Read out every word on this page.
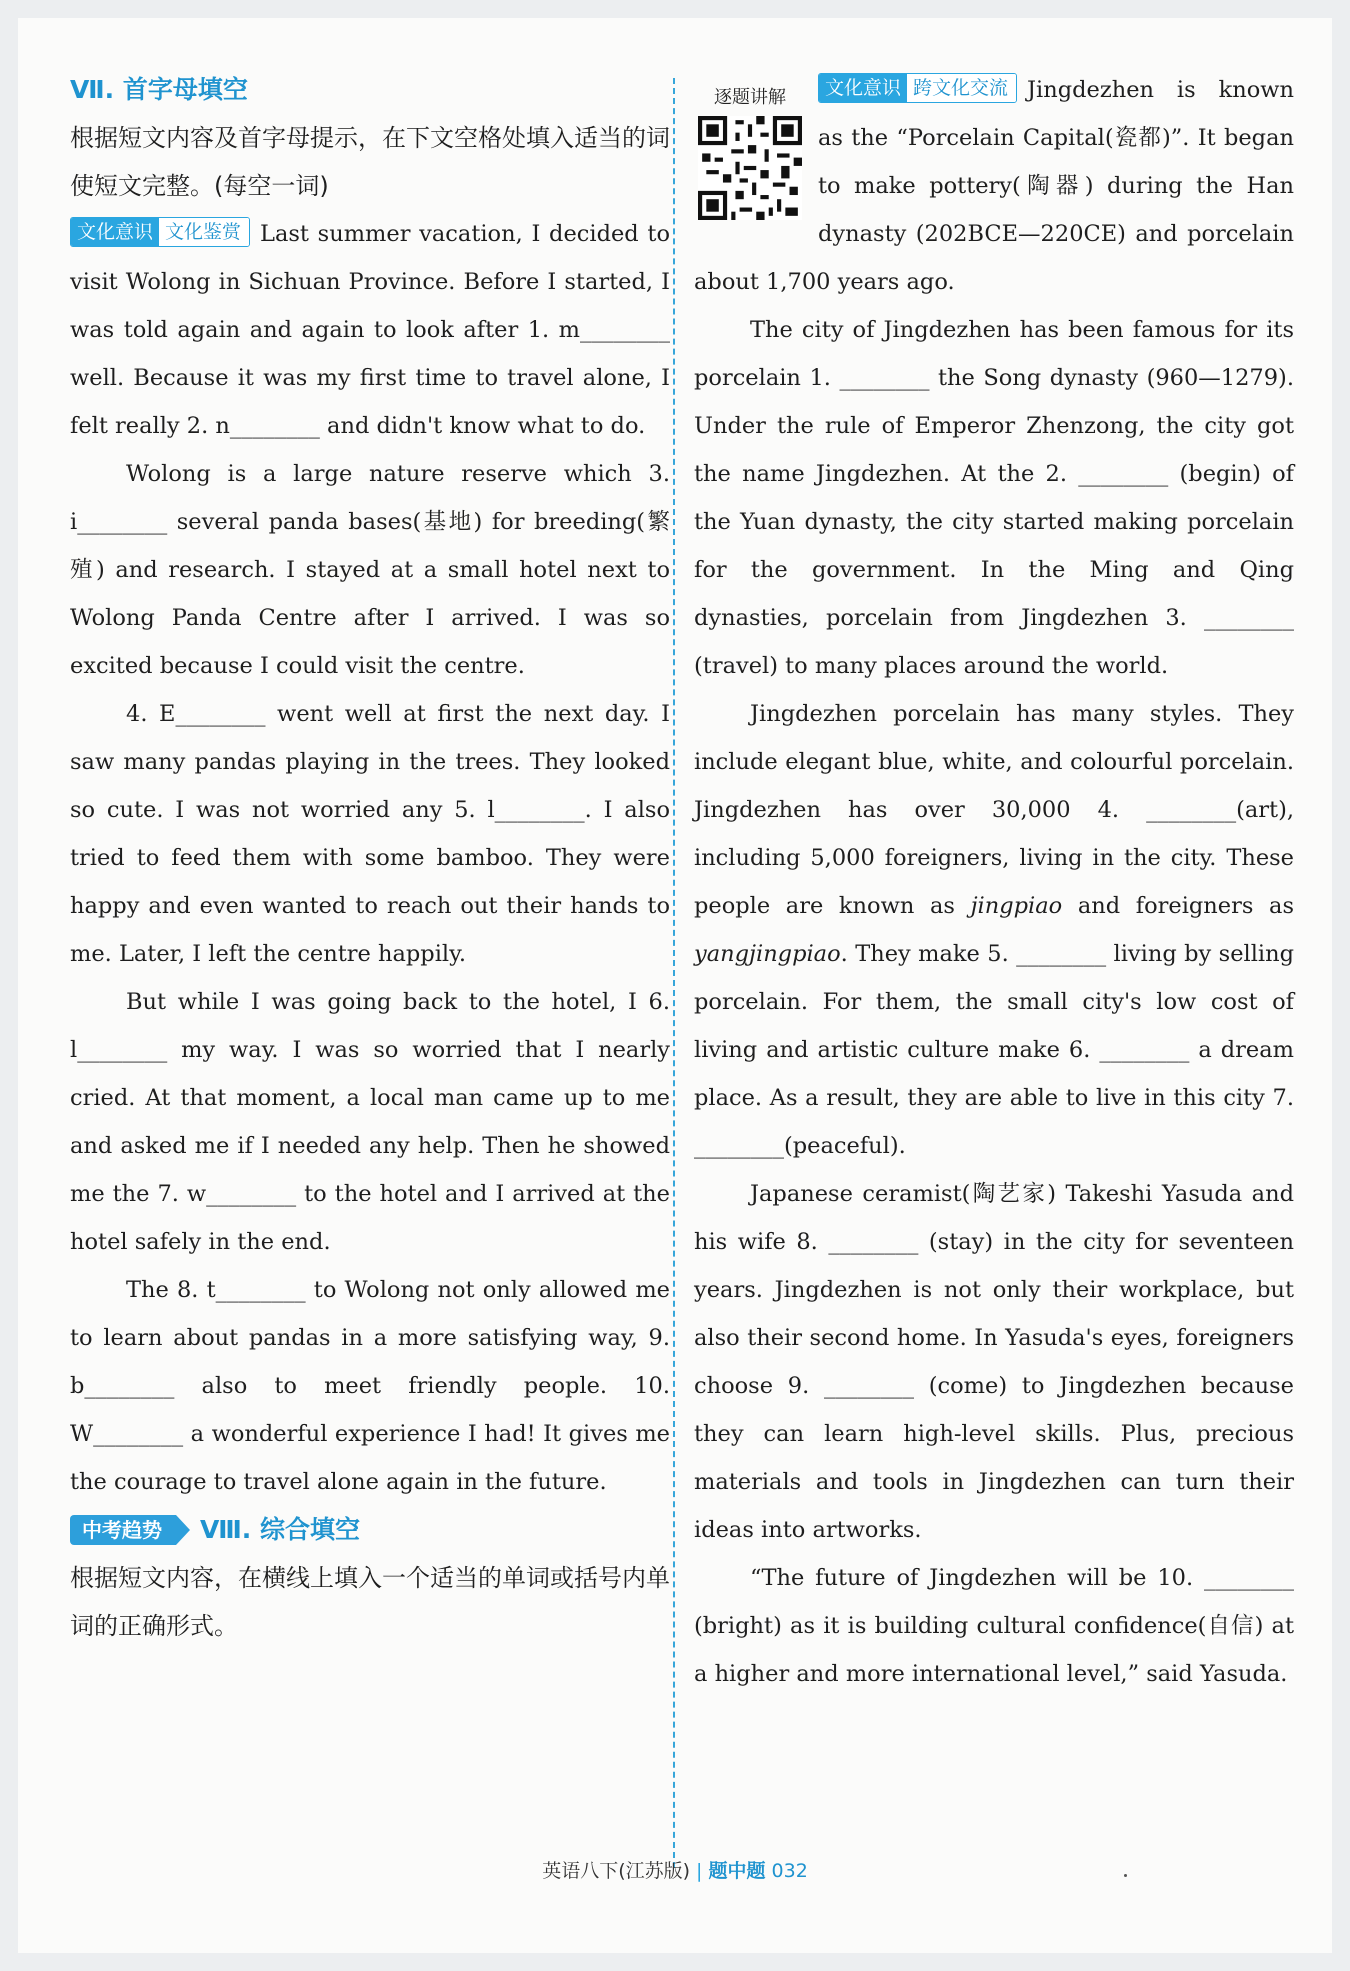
Ⅶ. 首字母填空

根据短文内容及首字母提示，在下文空格处填入适当的词使短文完整。(每空一词)

文化意识 文化鉴赏 Last summer vacation, I decided to visit Wolong in Sichuan Province. Before I started, I was told again and again to look after 1. m________ well. Because it was my first time to travel alone, I felt really 2. n________ and didn't know what to do.

Wolong is a large nature reserve which 3. i________ several panda bases(基地) for breeding(繁殖) and research. I stayed at a small hotel next to Wolong Panda Centre after I arrived. I was so excited because I could visit the centre.

4. E________ went well at first the next day. I saw many pandas playing in the trees. They looked so cute. I was not worried any 5. l________. I also tried to feed them with some bamboo. They were happy and even wanted to reach out their hands to me. Later, I left the centre happily.

But while I was going back to the hotel, I 6. l________ my way. I was so worried that I nearly cried. At that moment, a local man came up to me and asked me if I needed any help. Then he showed me the 7. w________ to the hotel and I arrived at the hotel safely in the end.

The 8. t________ to Wolong not only allowed me to learn about pandas in a more satisfying way, 9. b________ also to meet friendly people. 10. W________ a wonderful experience I had! It gives me the courage to travel alone again in the future.

中考趋势	Ⅷ. 综合填空

根据短文内容，在横线上填入一个适当的单词或括号内单词的正确形式。

文化意识 跨文化交流
逐题讲解	Jingdezhen is known as the “Porcelain Capital(瓷都)”. It began to make pottery(陶器) during the Han dynasty (202BCE—220CE) and porcelain about 1,700 years ago.

The city of Jingdezhen has been famous for its porcelain 1. ________ the Song dynasty (960—1279). Under the rule of Emperor Zhenzong, the city got the name Jingdezhen. At the 2. ________ (begin) of the Yuan dynasty, the city started making porcelain for the government. In the Ming and Qing dynasties, porcelain from Jingdezhen 3. ________ (travel) to many places around the world.

Jingdezhen porcelain has many styles. They include elegant blue, white, and colourful porcelain. Jingdezhen has over 30,000 4. ________(art), including 5,000 foreigners, living in the city. These people are known as jingpiao and foreigners as yangjingpiao. They make 5. ________ living by selling porcelain. For them, the small city's low cost of living and artistic culture make 6. ________ a dream place. As a result, they are able to live in this city 7. ________(peaceful).

Japanese ceramist(陶艺家) Takeshi Yasuda and his wife 8. ________ (stay) in the city for seventeen years. Jingdezhen is not only their workplace, but also their second home. In Yasuda's eyes, foreigners choose 9. ________ (come) to Jingdezhen because they can learn high-level skills. Plus, precious materials and tools in Jingdezhen can turn their ideas into artworks.

“The future of Jingdezhen will be 10. ________ (bright) as it is building cultural confidence(自信) at a higher and more international level,” said Yasuda.

英语八下(江苏版) | 题中题 032
